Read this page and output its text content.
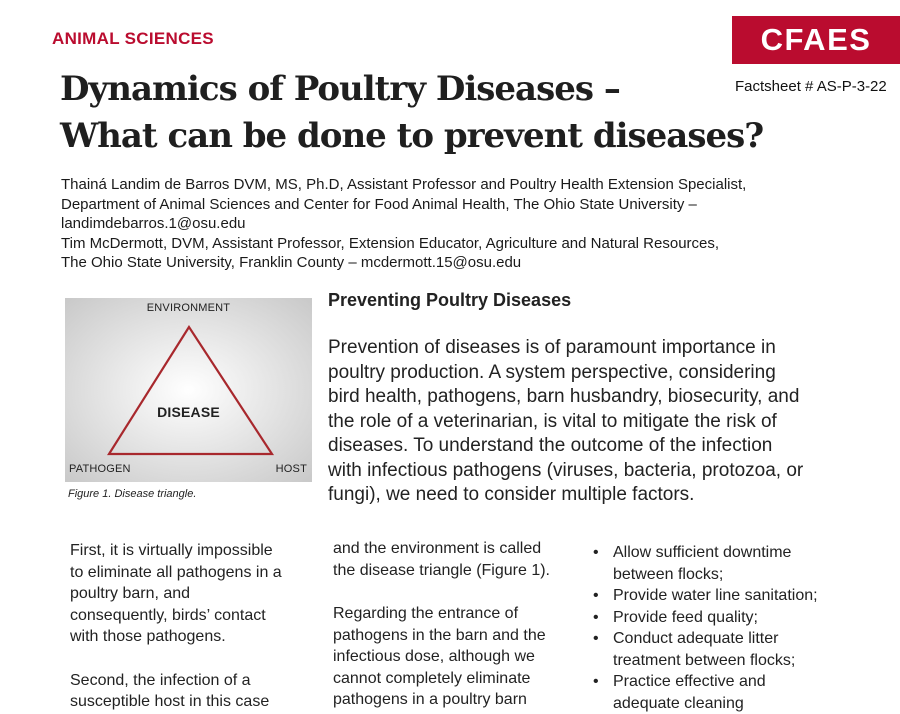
ANIMAL SCIENCES	CFAES
Factsheet # AS-P-3-22
Dynamics of Poultry Diseases –
What can be done to prevent diseases?
Thainá Landim de Barros DVM, MS, Ph.D, Assistant Professor and Poultry Health Extension Specialist,
Department of Animal Sciences and Center for Food Animal Health, The Ohio State University –
landimdebarros.1@osu.edu
Tim McDermott, DVM, Assistant Professor, Extension Educator, Agriculture and Natural Resources,
The Ohio State University, Franklin County – mcdermott.15@osu.edu
ENVIRONMENT
DISEASE
PATHOGEN	HOST
Figure 1. Disease triangle.
Preventing Poultry Diseases
Prevention of diseases is of paramount importance in
poultry production. A system perspective, considering
bird health, pathogens, barn husbandry, biosecurity, and
the role of a veterinarian, is vital to mitigate the risk of
diseases. To understand the outcome of the infection
with infectious pathogens (viruses, bacteria, protozoa, or
fungi), we need to consider multiple factors.
First, it is virtually impossible
to eliminate all pathogens in a
poultry barn, and
consequently, birds’ contact
with those pathogens.
Second, the infection of a
susceptible host in this case
and the environment is called
the disease triangle (Figure 1).
Regarding the entrance of
pathogens in the barn and the
infectious dose, although we
cannot completely eliminate
pathogens in a poultry barn
• Allow sufficient downtime
between flocks;
• Provide water line sanitation;
• Provide feed quality;
• Conduct adequate litter
treatment between flocks;
• Practice effective and
adequate cleaning
